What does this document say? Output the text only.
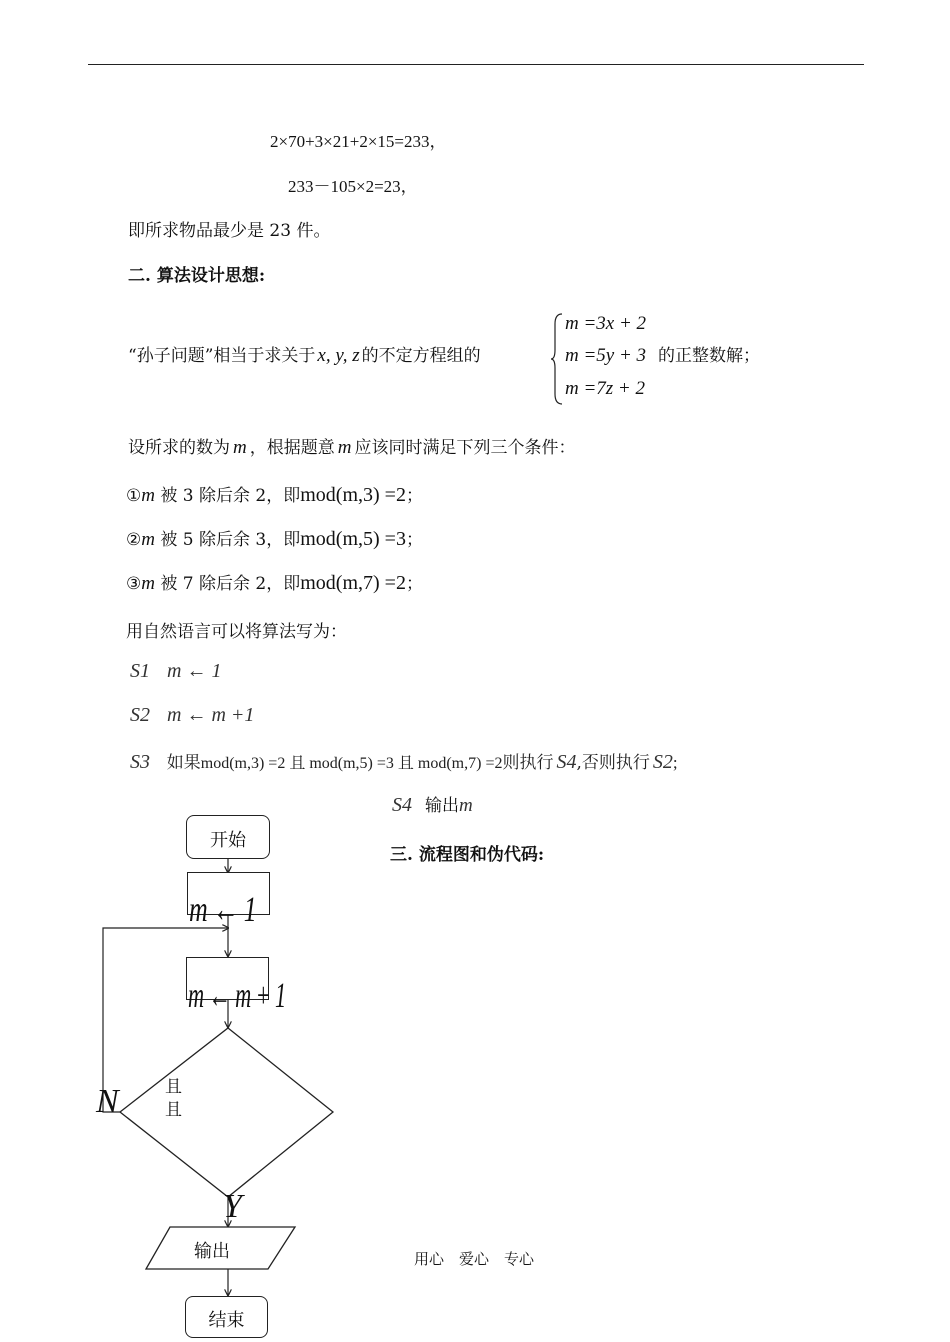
2×70+3×21+2×15=233，
233－105×2=23，
即所求物品最少是 23 件。
二. 算法设计思想:
“孙子问题”相当于求关于 x, y, z 的不定方程组的
m =3x + 2
m =5y + 3
m =7z + 2
的正整数解；
设所求的数为 m ，根据题意 m 应该同时满足下列三个条件：
①m 被 3 除后余 2，即mod(m,3) =2；
②m 被 5 除后余 3，即mod(m,5) =3；
③m 被 7 除后余 2，即mod(m,7) =2；
用自然语言可以将算法写为：
S1 m ← 1
S2 m ← m +1
S3 如果mod(m,3) =2 且 mod(m,5) =3 且 mod(m,7) =2则执行 S4,否则执行 S2;
S4 输出m
三. 流程图和伪代码:
开始
m ← 1
m ← m + 1
且
且
N
Y
输出
结束
用心　爱心　专心
